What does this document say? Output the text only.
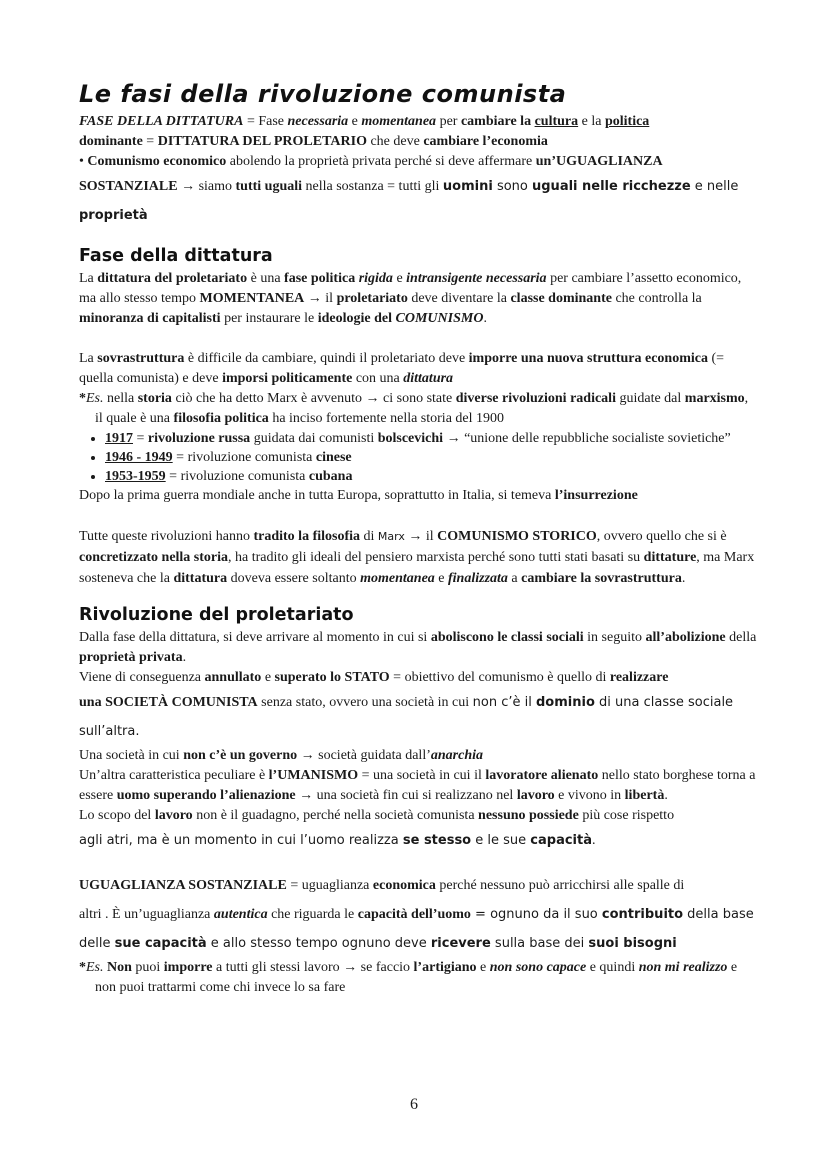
Le fasi della rivoluzione comunista

FASE DELLA DITTATURA = Fase necessaria e momentanea per cambiare la cultura e la politica

dominante = DITTATURA DEL PROLETARIO che deve cambiare l’economia

• Comunismo economico abolendo la proprietà privata perché si deve affermare un’UGUAGLIANZA

SOSTANZIALE → siamo tutti uguali nella sostanza = tutti gli uomini sono uguali nelle ricchezze e nelle

proprietà

Fase della dittatura

La dittatura del proletariato è una fase politica rigida e intransigente necessaria per cambiare l’assetto economico, ma allo stesso tempo MOMENTANEA → il proletariato deve diventare la classe dominante che controlla la minoranza di capitalisti per instaurare le ideologie del COMUNISMO.

La sovrastruttura è difficile da cambiare, quindi il proletariato deve imporre una nuova struttura economica (= quella comunista) e deve imporsi politicamente con una dittatura

*Es. nella storia ciò che ha detto Marx è avvenuto → ci sono state diverse rivoluzioni radicali guidate dal marxismo, il quale è una filosofia politica ha inciso fortemente nella storia del 1900

• 1917 = rivoluzione russa guidata dai comunisti bolscevichi → “unione delle repubbliche socialiste sovietiche”
• 1946 - 1949 = rivoluzione comunista cinese
• 1953-1959 = rivoluzione comunista cubana

Dopo la prima guerra mondiale anche in tutta Europa, soprattutto in Italia, si temeva l’insurrezione

Tutte queste rivoluzioni hanno tradito la filosofia di Marx → il COMUNISMO STORICO, ovvero quello che si è concretizzato nella storia, ha tradito gli ideali del pensiero marxista perché sono tutti stati basati su dittature, ma Marx sosteneva che la dittatura doveva essere soltanto momentanea e finalizzata a cambiare la sovrastruttura.

Rivoluzione del proletariato

Dalla fase della dittatura, si deve arrivare al momento in cui si aboliscono le classi sociali in seguito all’abolizione della proprietà privata.

Viene di conseguenza annullato e superato lo STATO = obiettivo del comunismo è quello di realizzare

una SOCIETÀ COMUNISTA senza stato, ovvero una società in cui non c’è il dominio di una classe sociale

sull’altra.

Una società in cui non c’è un governo → società guidata dall’anarchia

Un’altra caratteristica peculiare è l’UMANISMO = una società in cui il lavoratore alienato nello stato borghese torna a essere uomo superando l’alienazione → una società fin cui si realizzano nel lavoro e vivono in libertà.

Lo scopo del lavoro non è il guadagno, perché nella società comunista nessuno possiede più cose rispetto

agli atri, ma è un momento in cui l’uomo realizza se stesso e le sue capacità.

UGUAGLIANZA SOSTANZIALE = uguaglianza economica perché nessuno può arricchirsi alle spalle di

altri . È un’uguaglianza autentica che riguarda le capacità dell’uomo = ognuno da il suo contribuito della base

delle sue capacità e allo stesso tempo ognuno deve ricevere sulla base dei suoi bisogni

*Es. Non puoi imporre a tutti gli stessi lavoro → se faccio l’artigiano e non sono capace e quindi non mi realizzo e non puoi trattarmi come chi invece lo sa fare

6
